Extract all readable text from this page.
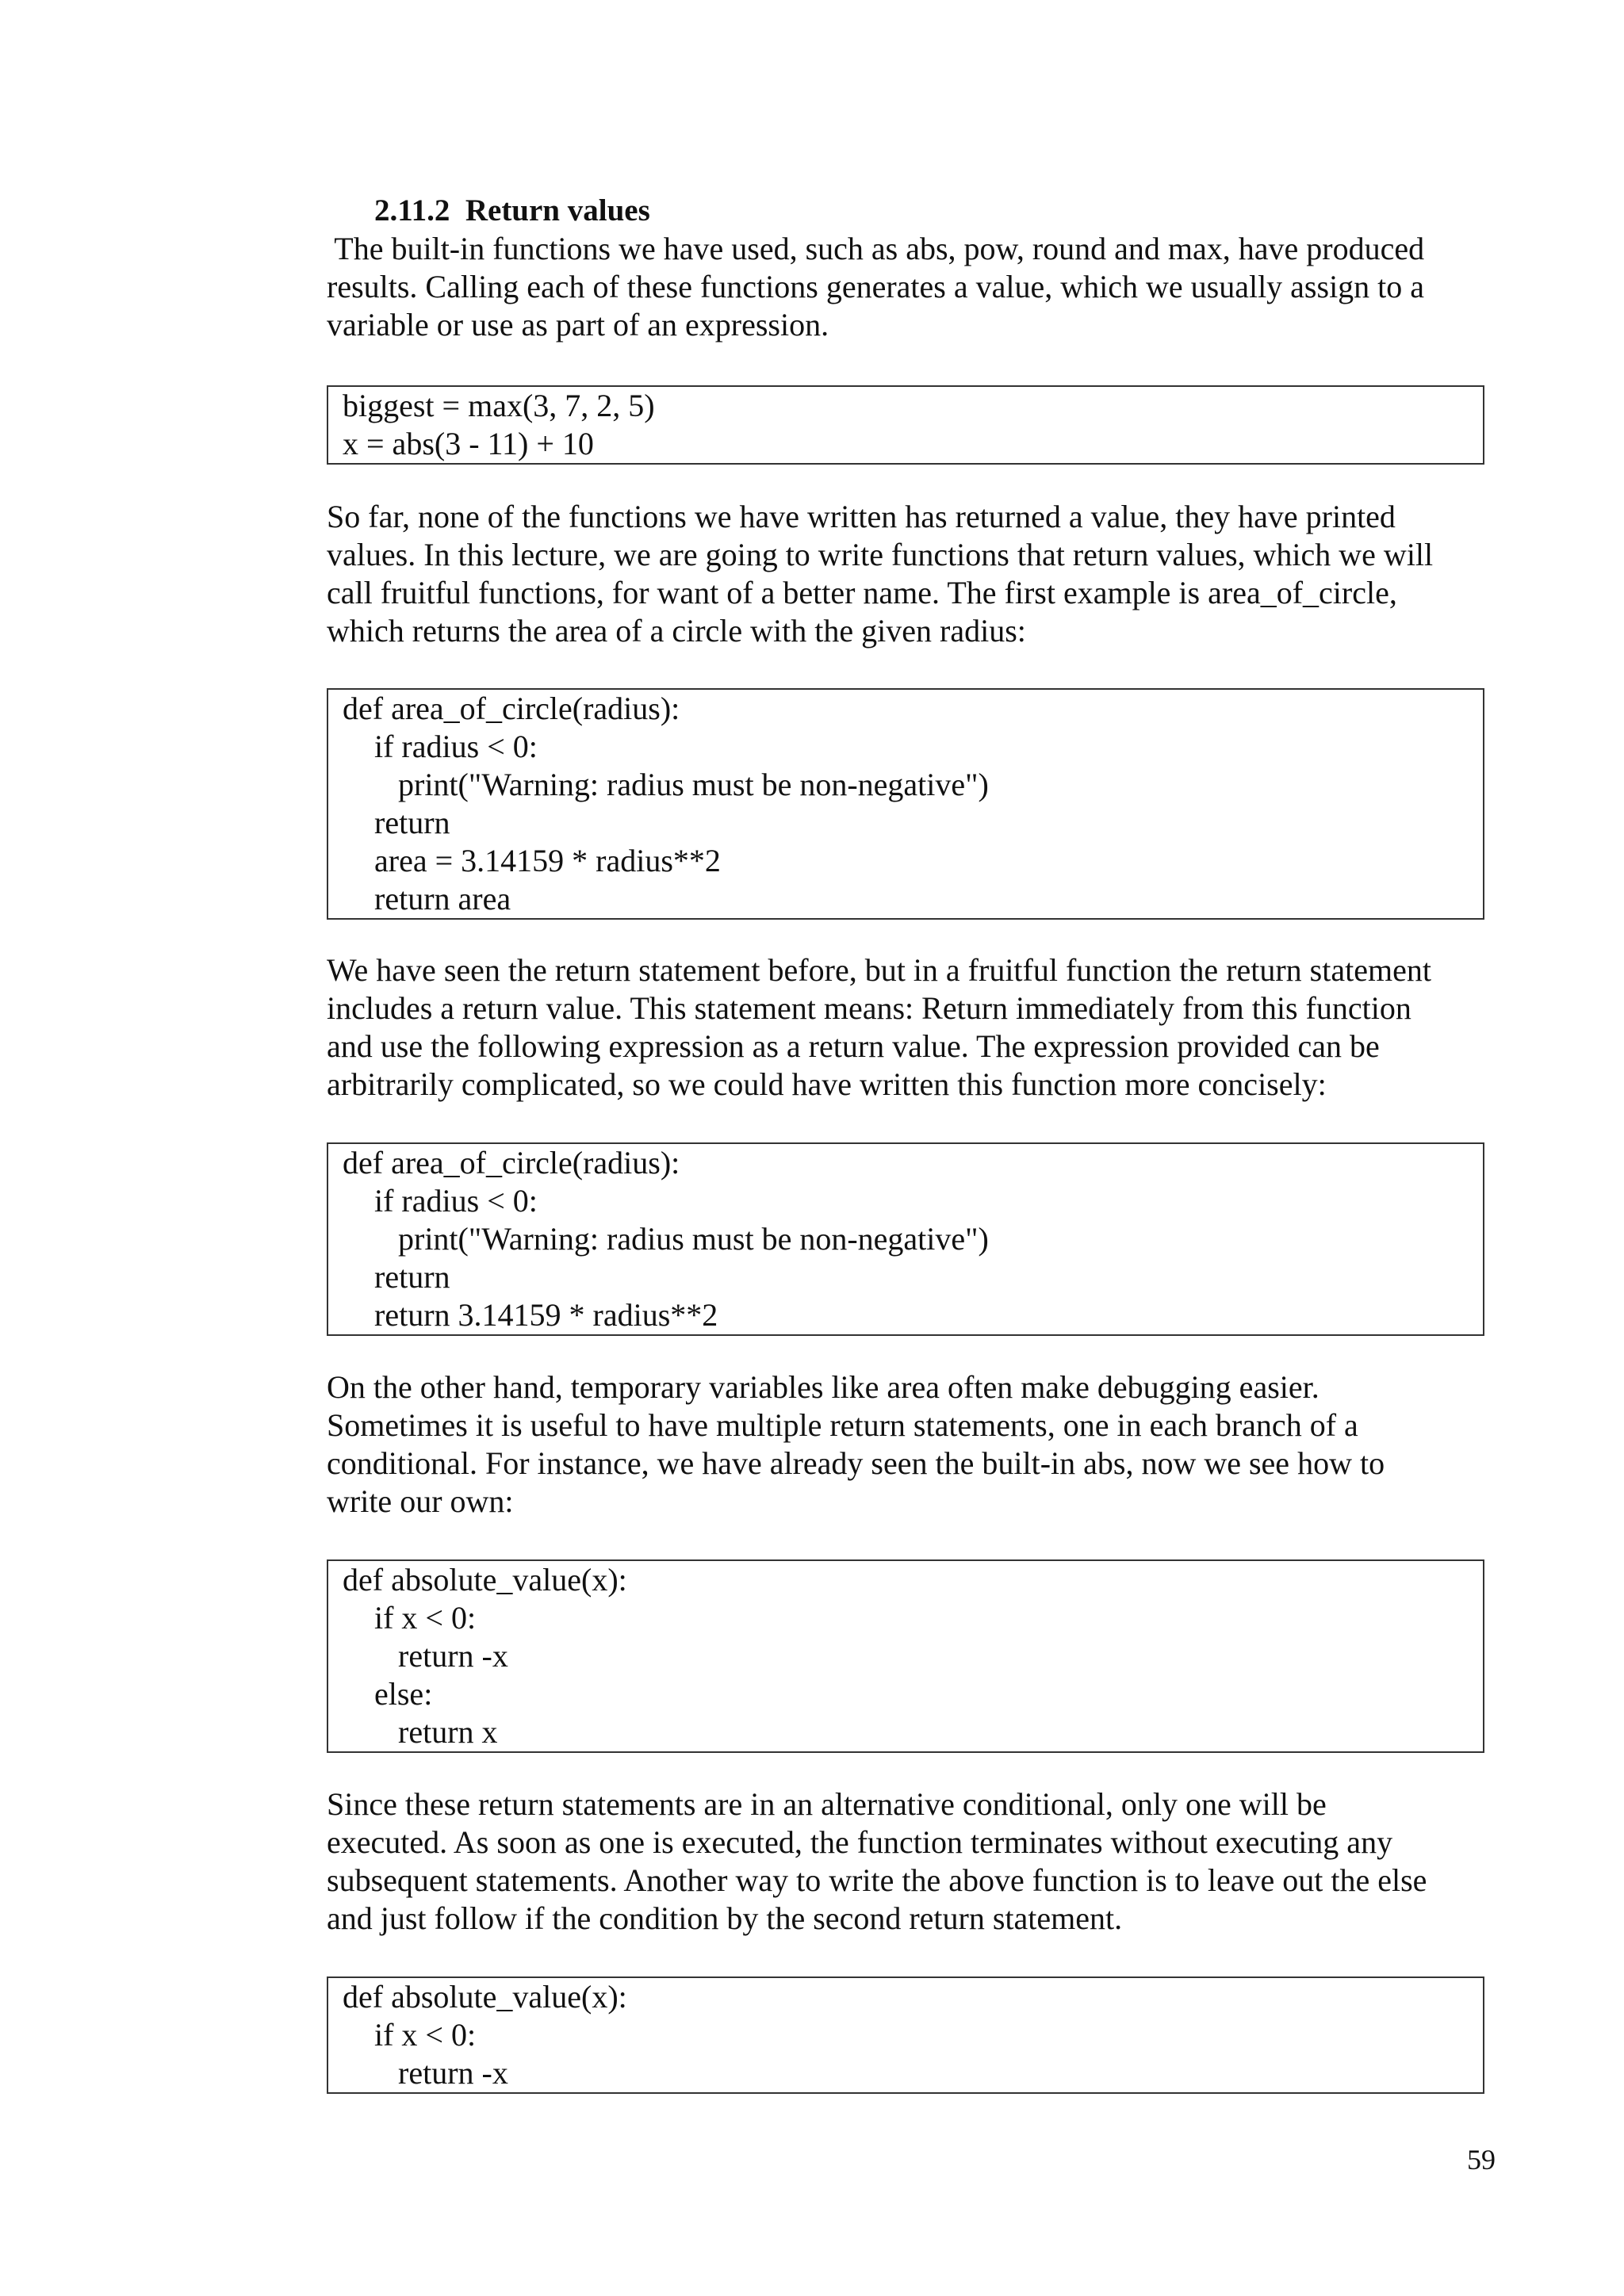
2.11.2  Return values
The built-in functions we have used, such as abs, pow, round and max, have produced
results. Calling each of these functions generates a value, which we usually assign to a
variable or use as part of an expression.
biggest = max(3, 7, 2, 5)
x = abs(3 - 11) + 10
So far, none of the functions we have written has returned a value, they have printed
values. In this lecture, we are going to write functions that return values, which we will
call fruitful functions, for want of a better name. The first example is area_of_circle,
which returns the area of a circle with the given radius:
def area_of_circle(radius):
if radius < 0:
print("Warning: radius must be non-negative")
return
area = 3.14159 * radius**2
return area
We have seen the return statement before, but in a fruitful function the return statement
includes a return value. This statement means: Return immediately from this function
and use the following expression as a return value. The expression provided can be
arbitrarily complicated, so we could have written this function more concisely:
def area_of_circle(radius):
if radius < 0:
print("Warning: radius must be non-negative")
return
return 3.14159 * radius**2
On the other hand, temporary variables like area often make debugging easier.
Sometimes it is useful to have multiple return statements, one in each branch of a
conditional. For instance, we have already seen the built-in abs, now we see how to
write our own:
def absolute_value(x):
if x < 0:
return -x
else:
return x
Since these return statements are in an alternative conditional, only one will be
executed. As soon as one is executed, the function terminates without executing any
subsequent statements. Another way to write the above function is to leave out the else
and just follow if the condition by the second return statement.
def absolute_value(x):
if x < 0:
return -x
59
